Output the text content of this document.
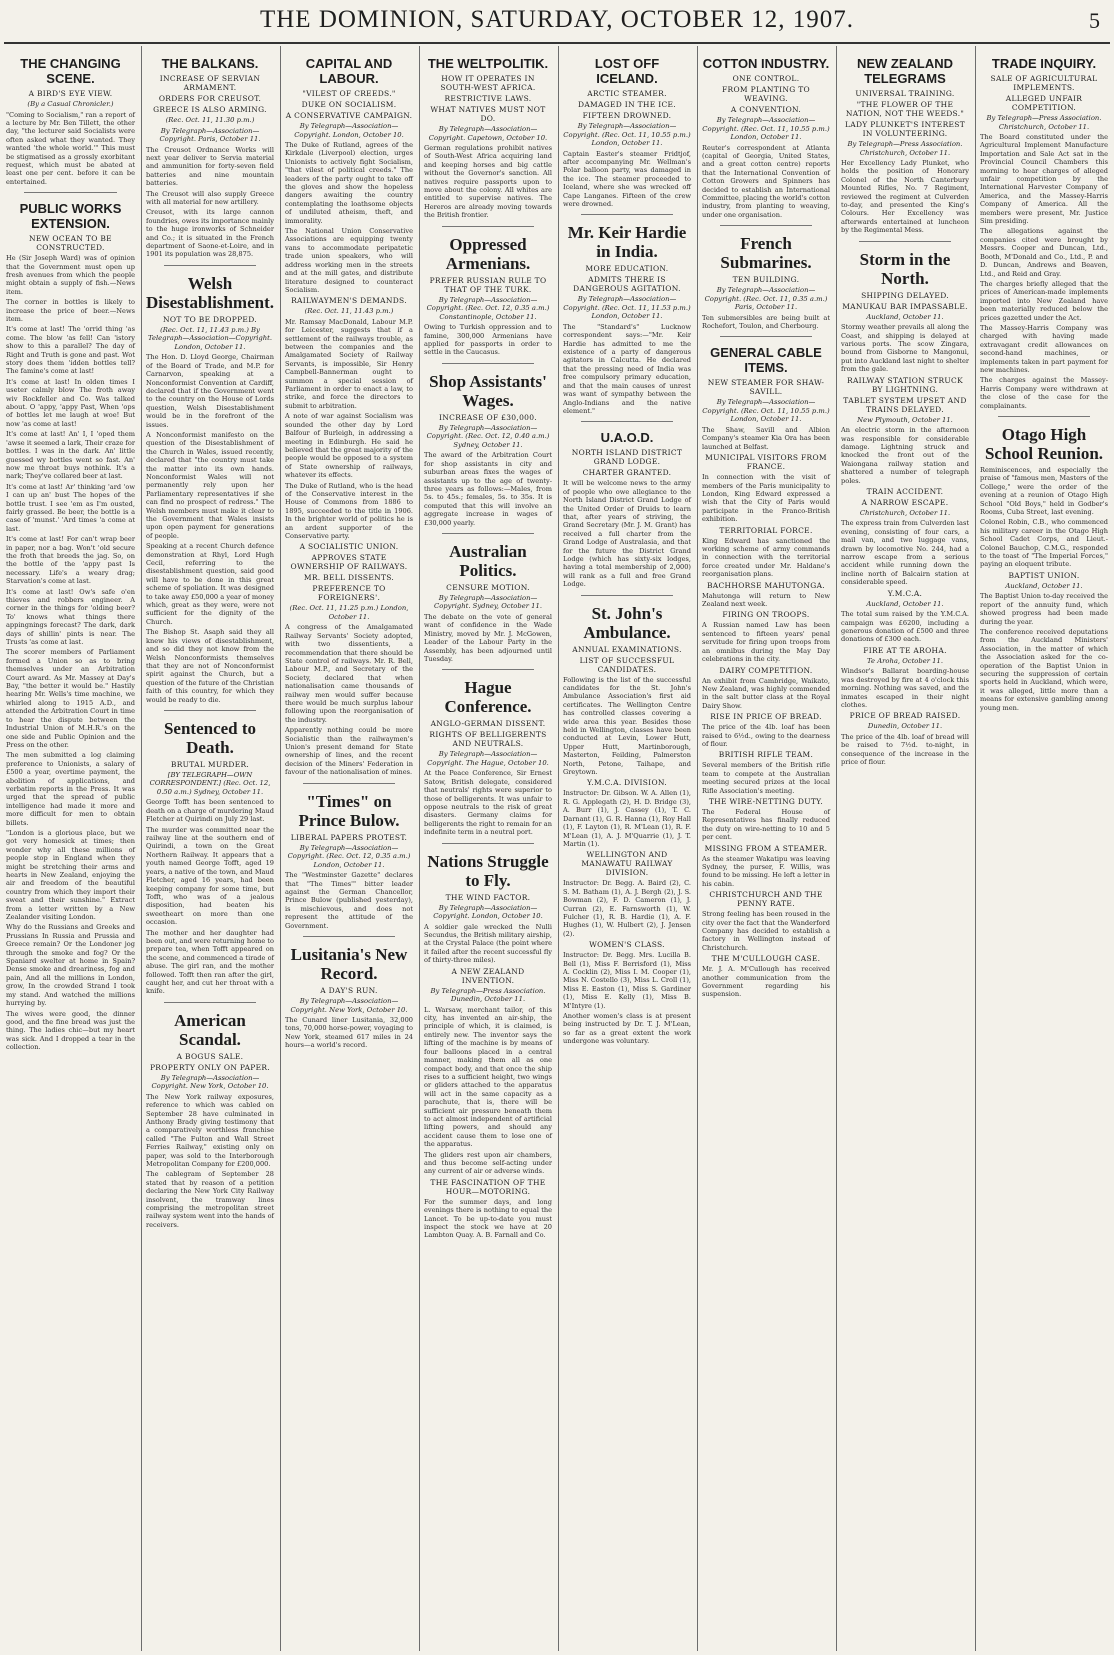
THE DOMINION, SATURDAY, OCTOBER 12, 1907.	5
THE CHANGING SCENE.
A BIRD'S EYE VIEW.
(By a Casual Chronicler.)
"Coming to Socialism," ran a report of a lecture by Mr. Ben Tillett, the other day, "the lecturer said Socialists were often asked what they wanted. They wanted 'the whole world.'" This must be stigmatised as a grossly exorbitant request, which must be abated at least one per cent. before it can be entertained.
PUBLIC WORKS EXTENSION.
NEW OCEAN TO BE CONSTRUCTED.
He (Sir Joseph Ward) was of opinion that the Government must open up fresh avenues from which the people might obtain a supply of fish.—News item.
The corner in bottles is likely to increase the price of beer.—News item.
It's come at last! The 'orrid thing 'as come. The blow 'as fell! Can 'istory show to this a parallel? The day of Right and Truth is gone and past. Wot story does them 'idden bottles tell? The famine's come at last!
It's come at last! In olden times I useter calmly blow The froth away wiv Rockfeller and Co. Was talked about. O 'appy, 'appy Past, When 'ops of bottles let me laugh at woe! But now 'as come at last!
It's come at last! An' I, I 'oped them 'awse it seemed a lark, Their craze for bottles. I was in the dark. An' little guessed wy bottles went so fast. An' now me throat buys nothink. It's a nark; They've collared beer at last.
It's come at last! Ar' thinking 'ard 'ow I can up an' bust The hopes of the bottle trust. I see 'em as I'm ousted, fairly grassed. Be beer, the bottle is a case of 'munst.' 'Ard times 'a come at last.
It's come at last! For can't wrap beer in paper, nor a bag. Won't 'old secure the froth that breeds the jag. So, on the bottle of the 'appy past Is necessary. Life's a weary drag; Starvation's come at last.
It's come at last! Ow's safe o'en thieves and robbers engineer. A corner in the things for 'olding beer? To' knows what things there appingnings forecast? The dark, dark days of shillin' pints is near. The Trusts 'as come at last.
The scorer members of Parliament formed a Union so as to bring themselves under an Arbitration Court award. As Mr. Massey at Day's Bay, "the better it would be." Hastily hearing Mr. Wells's time machine, we whirled along to 1915 A.D., and attended the Arbitration Court in time to hear the dispute between the Industrial Union of M.H.R.'s on the one side and Public Opinion and the Press on the other.
The men submitted a log claiming preference to Unionists, a salary of £500 a year, overtime payment, the abolition of applications, and verbatim reports in the Press. It was urged that the spread of public intelligence had made it more and more difficult for men to obtain billets.
"London is a glorious place, but we got very homesick at times; then wonder why all these millions of people stop in England when they might be stretching their arms and hearts in New Zealand, enjoying the air and freedom of the beautiful country from which they import their sweat and their sunshine." Extract from a letter written by a New Zealander visiting London.
Why do the Russians and Greeks and Prussians In Russia and Prussia and Greece remain? Or the Londoner jog through the smoke and fog? Or the Spaniard swelter at home in Spain? Dense smoke and dreariness, fog and pain, And all the millions in London, grow, In the crowded Strand I took my stand. And watched the millions hurrying by.
The wives were good, the dinner good, and the fine bread was just the thing. The ladies chic—but my heart was sick. And I dropped a tear in the collection.
THE BALKANS.
INCREASE OF SERVIAN ARMAMENT.
ORDERS FOR CREUSOT.
GREECE IS ALSO ARMING.
(Rec. Oct. 11, 11.30 p.m.)
By Telegraph—Association—Copyright. Paris, October 11.
The Creusot Ordnance Works will next year deliver to Servia material and ammunition for forty-seven field batteries and nine mountain batteries.
The Creusot will also supply Greece with all material for new artillery.
Creusot, with its large cannon foundries, owes its importance mainly to the huge ironworks of Schneider and Co.; it is situated in the French department of Saone-et-Loire, and in 1901 its population was 28,875.
Welsh Disestablishment.
NOT TO BE DROPPED.
(Rec. Oct. 11, 11.43 p.m.) By Telegraph—Association—Copyright. London, October 11.
The Hon. D. Lloyd George, Chairman of the Board of Trade, and M.P. for Carnarvon, speaking at a Nonconformist Convention at Cardiff, declared that if the Government went to the country on the House of Lords question, Welsh Disestablishment would be in the forefront of the issues.
A Nonconformist manifesto on the question of the Disestablishment of the Church in Wales, issued recently, declared that "the country must take the matter into its own hands. Nonconformist Wales will not permanently rely upon her Parliamentary representatives if she can find no prospect of redress." The Welsh members must make it clear to the Government that Wales insists upon open payment for generations of people.
Speaking at a recent Church defence demonstration at Rhyl, Lord Hugh Cecil, referring to the disestablishment question, said good will have to be done in this great scheme of spoliation. It was designed to take away £50,000 a year of money which, great as they were, were not sufficient for the dignity of the Church.
The Bishop St. Asaph said they all knew his views of disestablishment, and so did they not know from the Welsh Nonconformists themselves that they are not of Nonconformist spirit against the Church, but a question of the future of the Christian faith of this country, for which they would be ready to die.
Sentenced to Death.
BRUTAL MURDER.
[BY TELEGRAPH—OWN CORRESPONDENT.] (Rec. Oct. 12, 0.50 a.m.) Sydney, October 11.
George Tofft has been sentenced to death on a charge of murdering Maud Fletcher at Quirindi on July 29 last.
The murder was committed near the railway line at the southern end of Quirindi, a town on the Great Northern Railway. It appears that a youth named George Tofft, aged 19 years, a native of the town, and Maud Fletcher, aged 16 years, had been keeping company for some time, but Tofft, who was of a jealous disposition, had beaten his sweetheart on more than one occasion.
The mother and her daughter had been out, and were returning home to prepare tea, when Tofft appeared on the scene, and commenced a tirade of abuse. The girl ran, and the mother followed. Tofft then ran after the girl, caught her, and cut her throat with a knife.
American Scandal.
A BOGUS SALE.
PROPERTY ONLY ON PAPER.
By Telegraph—Association—Copyright. New York, October 10.
The New York railway exposures, reference to which was cabled on September 28 have culminated in Anthony Brady giving testimony that a comparatively worthless franchise called "The Fulton and Wall Street Ferries Railway," existing only on paper, was sold to the Interborough Metropolitan Company for £200,000.
The cablegram of September 28 stated that by reason of a petition declaring the New York City Railway insolvent, the tramway lines comprising the metropolitan street railway system went into the hands of receivers.
CAPITAL AND LABOUR.
"VILEST OF CREEDS."
DUKE ON SOCIALISM.
A CONSERVATIVE CAMPAIGN.
By Telegraph—Association—Copyright. London, October 10.
The Duke of Rutland, agrees of the Kirkdale (Liverpool) election, urges Unionists to actively fight Socialism, "that vilest of political creeds." The leaders of the party ought to take off the gloves and show the hopeless dangers awaiting the country contemplating the loathsome objects of undiluted atheism, theft, and immorality.
The National Union Conservative Associations are equipping twenty vans to accommodate peripatetic trade union speakers, who will address working men in the streets and at the mill gates, and distribute literature designed to counteract Socialism.
RAILWAYMEN'S DEMANDS.
(Rec. Oct. 11, 11.43 p.m.)
Mr. Ramsay MacDonald, Labour M.P. for Leicester, suggests that if a settlement of the railways trouble, as between the companies and the Amalgamated Society of Railway Servants, is impossible, Sir Henry Campbell-Bannerman ought to summon a special session of Parliament in order to enact a law, to strike, and force the directors to submit to arbitration.
A note of war against Socialism was sounded the other day by Lord Balfour of Burleigh, in addressing a meeting in Edinburgh. He said he believed that the great majority of the people would be opposed to a system of State ownership of railways, whatever its effects.
The Duke of Rutland, who is the head of the Conservative interest in the House of Commons from 1886 to 1895, succeeded to the title in 1906. In the brighter world of politics he is an ardent supporter of the Conservative party.
A SOCIALISTIC UNION.
APPROVES STATE OWNERSHIP OF RAILWAYS.
MR. BELL DISSENTS.
PREFERENCE TO FOREIGNERS'.
(Rec. Oct. 11, 11.25 p.m.) London, October 11.
A congress of the Amalgamated Railway Servants' Society adopted, with two dissentients, a recommendation that there should be State control of railways. Mr. R. Bell, Labour M.P., and Secretary of the Society, declared that when nationalisation came thousands of railway men would suffer because there would be much surplus labour following upon the reorganisation of the industry.
Apparently nothing could be more Socialistic than the railwaymen's Union's present demand for State ownership of lines, and the recent decision of the Miners' Federation in favour of the nationalisation of mines.
"Times" on Prince Bulow.
LIBERAL PAPERS PROTEST.
By Telegraph—Association—Copyright. (Rec. Oct. 12, 0.35 a.m.) London, October 11.
The "Westminster Gazette" declares that "The Times'" bitter leader against the German Chancellor, Prince Bulow (published yesterday), is mischievous, and does not represent the attitude of the Government.
Lusitania's New Record.
A DAY'S RUN.
By Telegraph—Association—Copyright. New York, October 10.
The Cunard liner Lusitania, 32,000 tons, 70,000 horse-power, voyaging to New York, steamed 617 miles in 24 hours—a world's record.
THE WELTPOLITIK.
HOW IT OPERATES IN SOUTH-WEST AFRICA.
RESTRICTIVE LAWS.
WHAT NATIVES MUST NOT DO.
By Telegraph—Association—Copyright. Capetown, October 10.
German regulations prohibit natives of South-West Africa acquiring land and keeping horses and big cattle without the Governor's sanction. All natives require passports upon to move about the colony. All whites are entitled to supervise natives. The Hereros are already moving towards the British frontier.
Oppressed Armenians.
PREFER RUSSIAN RULE TO THAT OF THE TURK.
By Telegraph—Association—Copyright. (Rec. Oct. 12, 0.35 a.m.) Constantinople, October 11.
Owing to Turkish oppression and to famine, 300,000 Armenians have applied for passports in order to settle in the Caucasus.
Shop Assistants' Wages.
INCREASE OF £30,000.
By Telegraph—Association—Copyright. (Rec. Oct. 12, 0.40 a.m.) Sydney, October 11.
The award of the Arbitration Court for shop assistants in city and suburban areas fixes the wages of assistants up to the age of twenty-three years as follows:—Males, from 5s. to 45s.; females, 5s. to 35s. It is computed that this will involve an aggregate increase in wages of £30,000 yearly.
Australian Politics.
CENSURE MOTION.
By Telegraph—Association—Copyright. Sydney, October 11.
The debate on the vote of general want of confidence in the Wade Ministry, moved by Mr. J. McGowen, Leader of the Labour Party in the Assembly, has been adjourned until Tuesday.
Hague Conference.
ANGLO-GERMAN DISSENT.
RIGHTS OF BELLIGERENTS AND NEUTRALS.
By Telegraph—Association—Copyright. The Hague, October 10.
At the Peace Conference, Sir Ernest Satow, British delegate, considered that neutrals' rights were superior to those of belligerents. It was unfair to oppose neutrals to the risk of great disasters. Germany claims for belligerents the right to remain for an indefinite term in a neutral port.
Nations Struggle to Fly.
THE WIND FACTOR.
By Telegraph—Association—Copyright. London, October 10.
A soldier gale wrecked the Nulli Secundus, the British military airship, at the Crystal Palace (the point where it failed after the recent successful fly of thirty-three miles).
A NEW ZEALAND INVENTION.
By Telegraph—Press Association. Dunedin, October 11.
L. Warsaw, merchant tailor, of this city, has invented an air-ship, the principle of which, it is claimed, is entirely new. The inventor says the lifting of the machine is by means of four balloons placed in a central manner, making them all as one compact body, and that once the ship rises to a sufficient height, two wings or gliders attached to the apparatus will act in the same capacity as a parachute, that is, there will be sufficient air pressure beneath them to act almost independent of artificial lifting powers, and should any accident cause them to lose one of the apparatus.
The gliders rest upon air chambers, and thus become self-acting under any current of air or adverse winds.
THE FASCINATION OF THE HOUR—MOTORING.
For the summer days, and long evenings there is nothing to equal the Lancet. To be up-to-date you must inspect the stock we have at 20 Lambton Quay. A. B. Farnall and Co.
LOST OFF ICELAND.
ARCTIC STEAMER.
DAMAGED IN THE ICE.
FIFTEEN DROWNED.
By Telegraph—Association—Copyright. (Rec. Oct. 11, 10.55 p.m.) London, October 11.
Captain Easter's steamer Fridtjof, after accompanying Mr. Wellman's Polar balloon party, was damaged in the ice. The steamer proceeded to Iceland, where she was wrecked off Cape Langanes. Fifteen of the crew were drowned.
Mr. Keir Hardie in India.
MORE EDUCATION.
ADMITS THERE IS DANGEROUS AGITATION.
By Telegraph—Association—Copyright. (Rec. Oct. 11, 11.53 p.m.) London, October 11.
The "Standard's" Lucknow correspondent says:—"Mr. Keir Hardie has admitted to me the existence of a party of dangerous agitators in Calcutta. He declared that the pressing need of India was free compulsory primary education, and that the main causes of unrest was want of sympathy between the Anglo-Indians and the native element."
U.A.O.D.
NORTH ISLAND DISTRICT GRAND LODGE.
CHARTER GRANTED.
It will be welcome news to the army of people who owe allegiance to the North Island District Grand Lodge of the United Order of Druids to learn that, after years of striving, the Grand Secretary (Mr. J. M. Grant) has received a full charter from the Grand Lodge of Australasia, and that for the future the District Grand Lodge (which has sixty-six lodges, having a total membership of 2,000) will rank as a full and free Grand Lodge.
St. John's Ambulance.
ANNUAL EXAMINATIONS.
LIST OF SUCCESSFUL CANDIDATES.
Following is the list of the successful candidates for the St. John's Ambulance Association's first aid certificates. The Wellington Centre has controlled classes covering a wide area this year. Besides those held in Wellington, classes have been conducted at Levin, Lower Hutt, Upper Hutt, Martinborough, Masterton, Feilding, Palmerston North, Petone, Taihape, and Greytown.
Y.M.C.A. DIVISION.
Instructor: Dr. Gibson. W. A. Allen (1), R. G. Applegath (2), H. D. Bridge (3), A. Burr (1), J. Cassey (1), T. C. Darnant (1), G. R. Hanna (1), Roy Hall (1), F. Layton (1), R. M'Lean (1), R. F. M'Lean (1), A. J. M'Quarrie (1), J. T. Martin (1).
WELLINGTON AND MANAWATU RAILWAY DIVISION.
Instructor: Dr. Begg. A. Baird (2), C. S. M. Batham (1), A. J. Bergh (2), J. S. Bowman (2), F. D. Cameron (1), J. Curran (2), E. Farnsworth (1), W. Fulcher (1), R. B. Hardie (1), A. F. Hughes (1), W. Hulbert (2), J. Jensen (2).
WOMEN'S CLASS.
Instructor: Dr. Begg. Mrs. Lucilla B. Bell (1), Miss F. Berrisford (1), Miss A. Cocklin (2), Miss I. M. Cooper (1), Miss N. Costello (3), Miss L. Croll (1), Miss E. Easton (1), Miss S. Gardiner (1), Miss E. Kelly (1), Miss B. M'Intyre (1).
Another women's class is at present being instructed by Dr. T. J. M'Lean, so far as a great extent the work undergone was voluntary.
COTTON INDUSTRY.
ONE CONTROL.
FROM PLANTING TO WEAVING.
A CONVENTION.
By Telegraph—Association—Copyright. (Rec. Oct. 11, 10.55 p.m.) London, October 11.
Reuter's correspondent at Atlanta (capital of Georgia, United States, and a great cotton centre) reports that the International Convention of Cotton Growers and Spinners has decided to establish an International Committee, placing the world's cotton industry, from planting to weaving, under one organisation.
French Submarines.
TEN BUILDING.
By Telegraph—Association—Copyright. (Rec. Oct. 11, 0.35 a.m.) Paris, October 11.
Ten submersibles are being built at Rochefort, Toulon, and Cherbourg.
GENERAL CABLE ITEMS.
NEW STEAMER FOR SHAW-SAVILL.
By Telegraph—Association—Copyright. (Rec. Oct. 11, 10.55 p.m.) London, October 11.
The Shaw, Savill and Albion Company's steamer Kia Ora has been launched at Belfast.
MUNICIPAL VISITORS FROM FRANCE.
In connection with the visit of members of the Paris municipality to London, King Edward expressed a wish that the City of Paris would participate in the Franco-British exhibition.
TERRITORIAL FORCE.
King Edward has sanctioned the working scheme of army commands in connection with the territorial force created under Mr. Haldane's reorganisation plans.
BACHHORSE MAHUTONGA.
Mahutonga will return to New Zealand next week.
FIRING ON TROOPS.
A Russian named Law has been sentenced to fifteen years' penal servitude for firing upon troops from an omnibus during the May Day celebrations in the city.
DAIRY COMPETITION.
An exhibit from Cambridge, Waikato, New Zealand, was highly commended in the salt butter class at the Royal Dairy Show.
RISE IN PRICE OF BREAD.
The price of the 4lb. loaf has been raised to 6½d., owing to the dearness of flour.
BRITISH RIFLE TEAM.
Several members of the British rifle team to compete at the Australian meeting secured prizes at the local Rifle Association's meeting.
THE WIRE-NETTING DUTY.
The Federal House of Representatives has finally reduced the duty on wire-netting to 10 and 5 per cent.
MISSING FROM A STEAMER.
As the steamer Wakatipu was leaving Sydney, the purser, F. Willis, was found to be missing. He left a letter in his cabin.
CHRISTCHURCH AND THE PENNY RATE.
Strong feeling has been roused in the city over the fact that the Wanderford Company has decided to establish a factory in Wellington instead of Christchurch.
THE M'CULLOUGH CASE.
Mr. J. A. M'Cullough has received another communication from the Government regarding his suspension.
NEW ZEALAND TELEGRAMS
UNIVERSAL TRAINING.
"THE FLOWER OF THE NATION, NOT THE WEEDS."
LADY PLUNKET'S INTEREST IN VOLUNTEERING.
By Telegraph—Press Association. Christchurch, October 11.
Her Excellency Lady Plunket, who holds the position of Honorary Colonel of the North Canterbury Mounted Rifles, No. 7 Regiment, reviewed the regiment at Culverden to-day, and presented the King's Colours. Her Excellency was afterwards entertained at luncheon by the Regimental Mess.
Storm in the North.
SHIPPING DELAYED.
MANUKAU BAR IMPASSABLE.
Auckland, October 11.
Stormy weather prevails all along the Coast, and shipping is delayed at various ports. The scow Zingara, bound from Gisborne to Mangonui, put into Auckland last night to shelter from the gale.
RAILWAY STATION STRUCK BY LIGHTNING.
TABLET SYSTEM UPSET AND TRAINS DELAYED.
New Plymouth, October 11.
An electric storm in the afternoon was responsible for considerable damage. Lightning struck and knocked the front out of the Waiongana railway station and shattered a number of telegraph poles.
TRAIN ACCIDENT.
A NARROW ESCAPE.
Christchurch, October 11.
The express train from Culverden last evening, consisting of four cars, a mail van, and two luggage vans, drawn by locomotive No. 244, had a narrow escape from a serious accident while running down the incline north of Balcairn station at considerable speed.
Y.M.C.A.
Auckland, October 11.
The total sum raised by the Y.M.C.A. campaign was £6200, including a generous donation of £500 and three donations of £300 each.
FIRE AT TE AROHA.
Te Aroha, October 11.
Windsor's Ballarat boarding-house was destroyed by fire at 4 o'clock this morning. Nothing was saved, and the inmates escaped in their night clothes.
PRICE OF BREAD RAISED.
Dunedin, October 11.
The price of the 4lb. loaf of bread will be raised to 7½d. to-night, in consequence of the increase in the price of flour.
TRADE INQUIRY.
SALE OF AGRICULTURAL IMPLEMENTS.
ALLEGED UNFAIR COMPETITION.
By Telegraph—Press Association. Christchurch, October 11.
The Board constituted under the Agricultural Implement Manufacture Importation and Sale Act sat in the Provincial Council Chambers this morning to hear charges of alleged unfair competition by the International Harvester Company of America, and the Massey-Harris Company of America. All the members were present, Mr. Justice Sim presiding.
The allegations against the companies cited were brought by Messrs. Cooper and Duncan, Ltd., Booth, M'Donald and Co., Ltd., P. and D. Duncan, Andrews and Beaven, Ltd., and Reid and Gray.
The charges briefly alleged that the prices of American-made implements imported into New Zealand have been materially reduced below the prices gazetted under the Act.
The Massey-Harris Company was charged with having made extravagant credit allowances on second-hand machines, or implements taken in part payment for new machines.
The charges against the Massey-Harris Company were withdrawn at the close of the case for the complainants.
Otago High School Reunion.
Reminiscences, and especially the praise of "famous men, Masters of the College," were the order of the evening at a reunion of Otago High School "Old Boys," held in Godber's Rooms, Cuba Street, last evening.
Colonel Robin, C.B., who commenced his military career in the Otago High School Cadet Corps, and Lieut.-Colonel Bauchop, C.M.G., responded to the toast of "The Imperial Forces," paying an eloquent tribute.
BAPTIST UNION.
Auckland, October 11.
The Baptist Union to-day received the report of the annuity fund, which showed progress had been made during the year.
The conference received deputations from the Auckland Ministers' Association, in the matter of which the Association asked for the co-operation of the Baptist Union in securing the suppression of certain sports held in Auckland, which were, it was alleged, little more than a means for extensive gambling among young men.
